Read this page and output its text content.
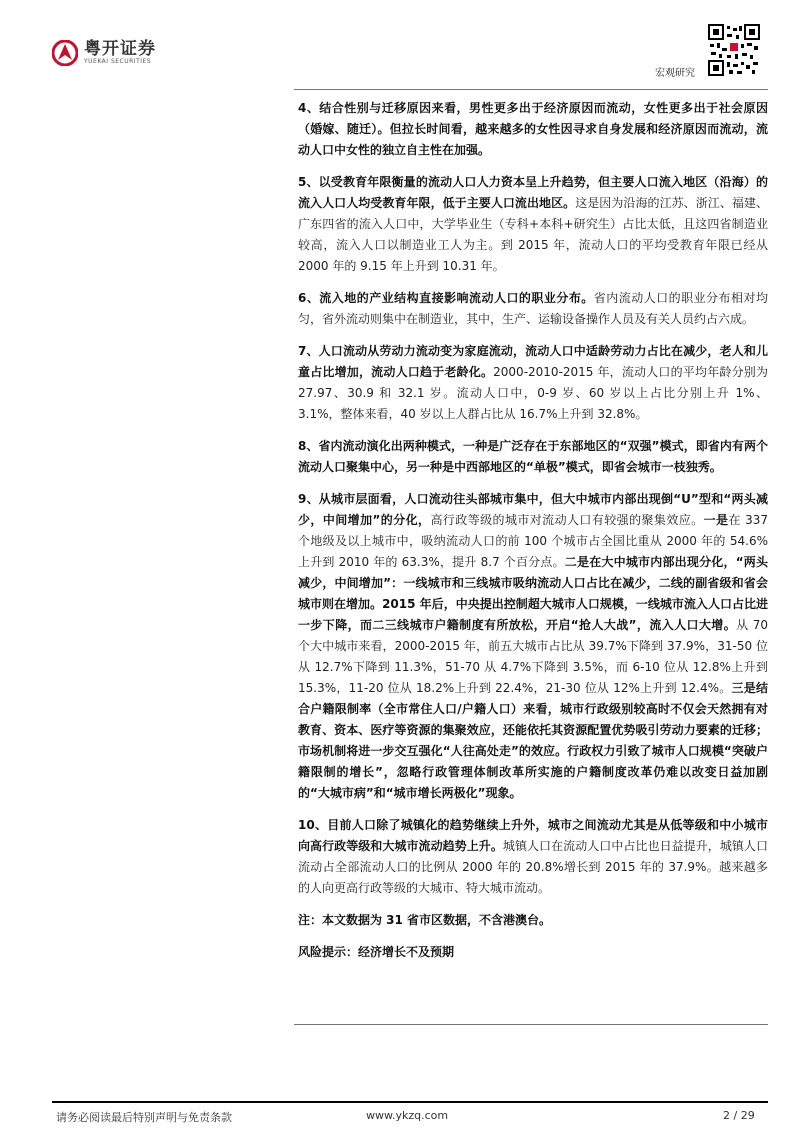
粤开证券
YUEKAI SECURITIES
宏观研究

4、结合性别与迁移原因来看，男性更多出于经济原因而流动，女性更多出于社会原因（婚嫁、随迁）。但拉长时间看，越来越多的女性因寻求自身发展和经济原因而流动，流动人口中女性的独立自主性在加强。

5、以受教育年限衡量的流动人口人力资本呈上升趋势，但主要人口流入地区（沿海）的流入人口人均受教育年限，低于主要人口流出地区。这是因为沿海的江苏、浙江、福建、广东四省的流入人口中，大学毕业生（专科+本科+研究生）占比太低，且这四省制造业较高，流入人口以制造业工人为主。到 2015 年，流动人口的平均受教育年限已经从 2000 年的 9.15 年上升到 10.31 年。

6、流入地的产业结构直接影响流动人口的职业分布。省内流动人口的职业分布相对均匀，省外流动则集中在制造业，其中，生产、运输设备操作人员及有关人员约占六成。

7、人口流动从劳动力流动变为家庭流动，流动人口中适龄劳动力占比在减少，老人和儿童占比增加，流动人口趋于老龄化。2000-2010-2015 年，流动人口的平均年龄分别为 27.97、30.9 和 32.1 岁。流动人口中，0-9 岁、60 岁以上占比分别上升 1%、3.1%，整体来看，40 岁以上人群占比从 16.7%上升到 32.8%。

8、省内流动演化出两种模式，一种是广泛存在于东部地区的“双强”模式，即省内有两个流动人口聚集中心，另一种是中西部地区的“单极”模式，即省会城市一枝独秀。

9、从城市层面看，人口流动往头部城市集中，但大中城市内部出现倒“U”型和“两头减少，中间增加”的分化，高行政等级的城市对流动人口有较强的聚集效应。一是在 337 个地级及以上城市中，吸纳流动人口的前 100 个城市占全国比重从 2000 年的 54.6%上升到 2010 年的 63.3%，提升 8.7 个百分点。二是在大中城市内部出现分化，“两头减少，中间增加”：一线城市和三线城市吸纳流动人口占比在减少，二线的副省级和省会城市则在增加。2015 年后，中央提出控制超大城市人口规模，一线城市流入人口占比进一步下降，而二三线城市户籍制度有所放松，开启“抢人大战”，流入人口大增。从 70 个大中城市来看，2000-2015 年，前五大城市占比从 39.7%下降到 37.9%，31-50 位从 12.7%下降到 11.3%，51-70 从 4.7%下降到 3.5%，而 6-10 位从 12.8%上升到 15.3%，11-20 位从 18.2%上升到 22.4%，21-30 位从 12%上升到 12.4%。三是结合户籍限制率（全市常住人口/户籍人口）来看，城市行政级别较高时不仅会天然拥有对教育、资本、医疗等资源的集聚效应，还能依托其资源配置优势吸引劳动力要素的迁移；市场机制将进一步交互强化“人往高处走”的效应。行政权力引致了城市人口规模“突破户籍限制的增长”，忽略行政管理体制改革所实施的户籍制度改革仍难以改变日益加剧的“大城市病”和“城市增长两极化”现象。

10、目前人口除了城镇化的趋势继续上升外，城市之间流动尤其是从低等级和中小城市向高行政等级和大城市流动趋势上升。城镇人口在流动人口中占比也日益提升，城镇人口流动占全部流动人口的比例从 2000 年的 20.8%增长到 2015 年的 37.9%。越来越多的人向更高行政等级的大城市、特大城市流动。

注：本文数据为 31 省市区数据，不含港澳台。

风险提示：经济增长不及预期

请务必阅读最后特别声明与免责条款	www.ykzq.com	2 / 29
